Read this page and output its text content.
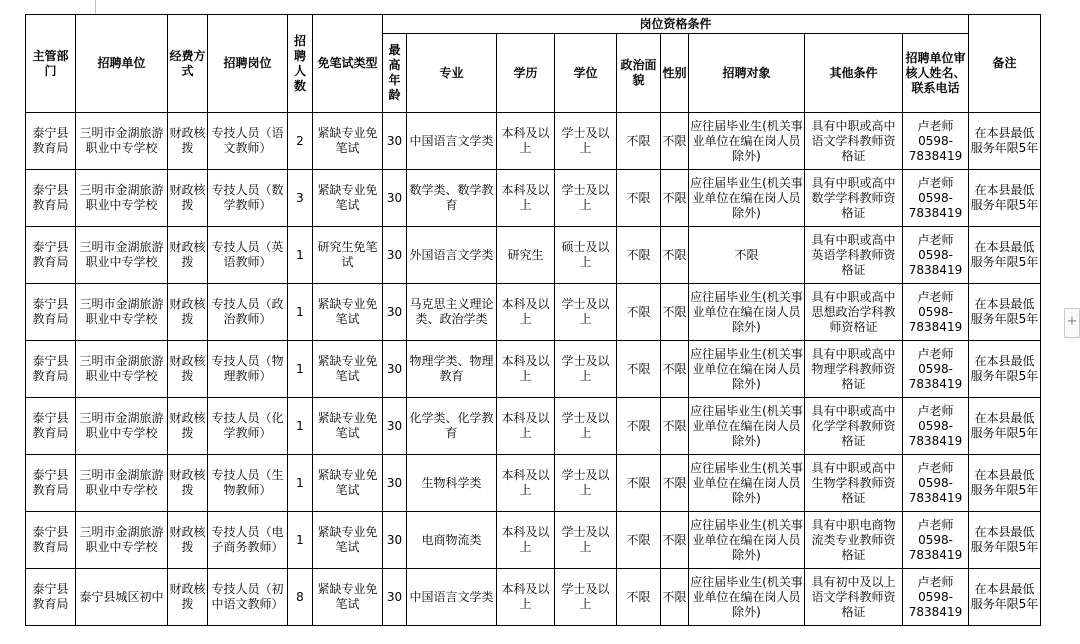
主管部门	招聘单位	经费方式	招聘岗位	招聘人数	免笔试类型	岗位资格条件									备注
						最高年龄	专业	学历	学位	政治面貌	性别	招聘对象	其他条件	招聘单位审核人姓名、联系电话	
泰宁县教育局	三明市金湖旅游职业中专学校	财政核拨	专技人员（语文教师）	2	紧缺专业免笔试	30	中国语言文学类	本科及以上	学士及以上	不限	不限	应往届毕业生(机关事业单位在编在岗人员除外)	具有中职或高中语文学科教师资格证	卢老师0598-7838419	在本县最低服务年限5年
泰宁县教育局	三明市金湖旅游职业中专学校	财政核拨	专技人员（数学教师）	3	紧缺专业免笔试	30	数学类、数学教育	本科及以上	学士及以上	不限	不限	应往届毕业生(机关事业单位在编在岗人员除外)	具有中职或高中数学学科教师资格证	卢老师0598-7838419	在本县最低服务年限5年
泰宁县教育局	三明市金湖旅游职业中专学校	财政核拨	专技人员（英语教师）	1	研究生免笔试	30	外国语言文学类	研究生	硕士及以上	不限	不限	不限	具有中职或高中英语学科教师资格证	卢老师0598-7838419	在本县最低服务年限5年
泰宁县教育局	三明市金湖旅游职业中专学校	财政核拨	专技人员（政治教师）	1	紧缺专业免笔试	30	马克思主义理论类、政治学类	本科及以上	学士及以上	不限	不限	应往届毕业生(机关事业单位在编在岗人员除外)	具有中职或高中思想政治学科教师资格证	卢老师0598-7838419	在本县最低服务年限5年
泰宁县教育局	三明市金湖旅游职业中专学校	财政核拨	专技人员（物理教师）	1	紧缺专业免笔试	30	物理学类、物理教育	本科及以上	学士及以上	不限	不限	应往届毕业生(机关事业单位在编在岗人员除外)	具有中职或高中物理学科教师资格证	卢老师0598-7838419	在本县最低服务年限5年
泰宁县教育局	三明市金湖旅游职业中专学校	财政核拨	专技人员（化学教师）	1	紧缺专业免笔试	30	化学类、化学教育	本科及以上	学士及以上	不限	不限	应往届毕业生(机关事业单位在编在岗人员除外)	具有中职或高中化学学科教师资格证	卢老师0598-7838419	在本县最低服务年限5年
泰宁县教育局	三明市金湖旅游职业中专学校	财政核拨	专技人员（生物教师）	1	紧缺专业免笔试	30	生物科学类	本科及以上	学士及以上	不限	不限	应往届毕业生(机关事业单位在编在岗人员除外)	具有中职或高中生物学科教师资格证	卢老师0598-7838419	在本县最低服务年限5年
泰宁县教育局	三明市金湖旅游职业中专学校	财政核拨	专技人员（电子商务教师）	1	紧缺专业免笔试	30	电商物流类	本科及以上	学士及以上	不限	不限	应往届毕业生(机关事业单位在编在岗人员除外)	具有中职电商物流类专业教师资格证	卢老师0598-7838419	在本县最低服务年限5年
泰宁县教育局	泰宁县城区初中	财政核拨	专技人员（初中语文教师）	8	紧缺专业免笔试	30	中国语言文学类	本科及以上	学士及以上	不限	不限	应往届毕业生(机关事业单位在编在岗人员除外)	具有初中及以上语文学科教师资格证	卢老师0598-7838419	在本县最低服务年限5年
+
